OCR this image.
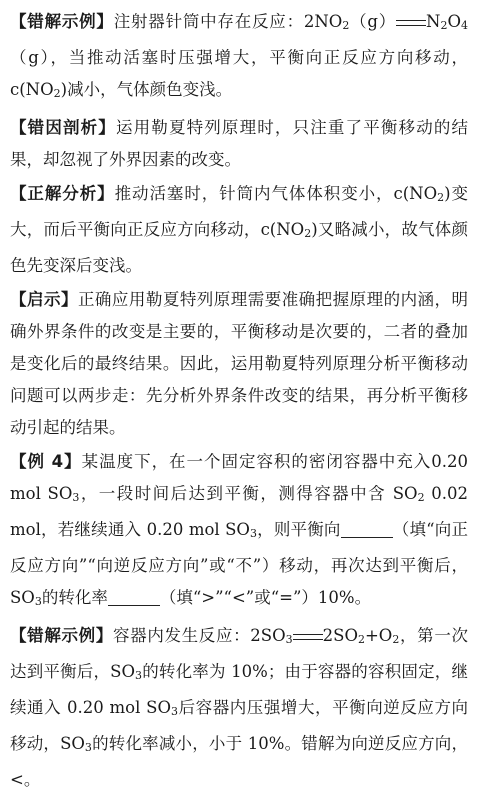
【错解示例】注射器针筒中存在反应：$2NO_2(g)$ $N_2O_4(g)$，当推动活塞时压强增大，平衡向正反应方向移动，$c(NO_2)$减小，气体颜色变浅。

【错因剖析】运用勒夏特列原理时，只注重了平衡移动的结果，却忽视了外界因素的改变。

【正解分析】推动活塞时，针筒内气体体积变小，$c(NO_2)$变大，而后平衡向正反应方向移动，$c(NO_2)$又略减小，故气体颜色先变深后变浅。

【启示】正确应用勒夏特列原理需要准确把握原理的内涵，明确外界条件的改变是主要的，平衡移动是次要的，二者的叠加是变化后的最终结果。因此，运用勒夏特列原理分析平衡移动问题可以两步走：先分析外界条件改变的结果，再分析平衡移动引起的结果。

【例 4】某温度下，在一个固定容积的密闭容器中充入0.20 mol $SO_3$，一段时间后达到平衡，测得容器中含 $SO_2$ 0.02 mol，若继续通入 0.20 mol $SO_3$，则平衡向	（填“向正反应方向”“向逆反应方向”或“不”）移动，再次达到平衡后，$SO_3$的转化率	（填“>”“<”或“=”）10%。

【错解示例】容器内发生反应：$2SO_3$ $2SO_2+O_2$，第一次达到平衡后，$SO_3$的转化率为 10%；由于容器的容积固定，继续通入 0.20 mol $SO_3$后容器内压强增大，平衡向逆反应方向移动，$SO_3$的转化率减小，小于 10%。错解为向逆反应方向，<。
